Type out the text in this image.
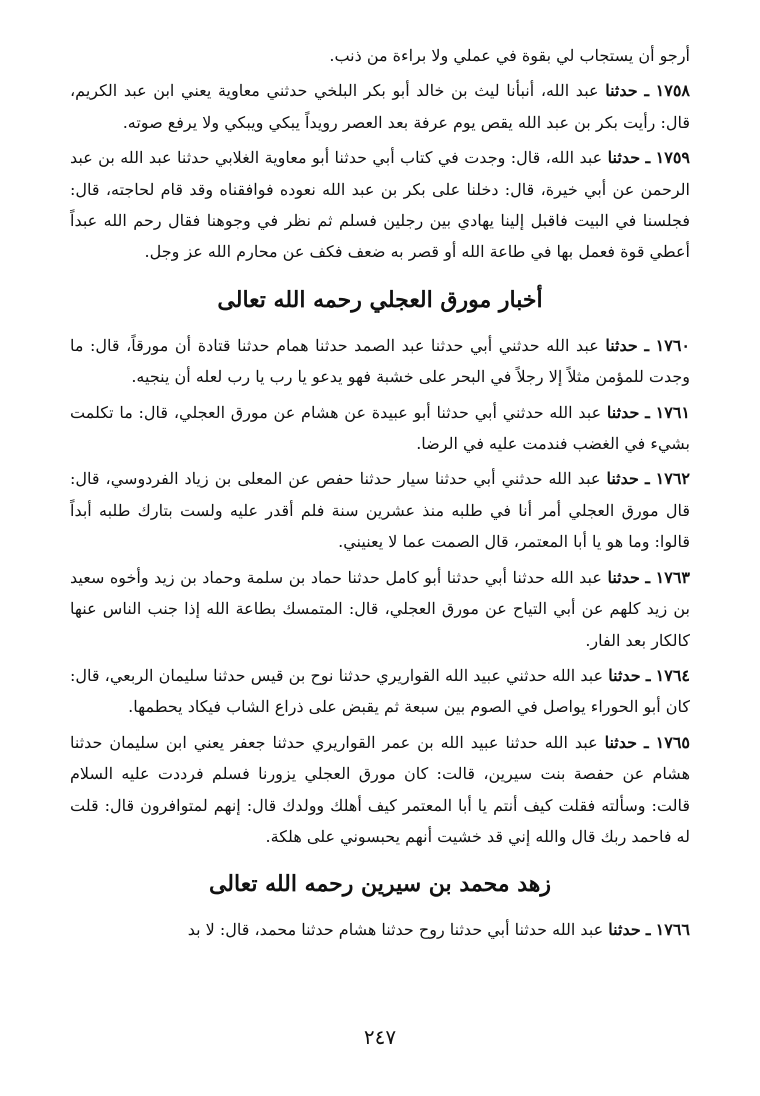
أرجو أن يستجاب لي بقوة في عملي ولا براءة من ذنب.

١٧٥٨ ـ حدثنا عبد الله، أنبأنا ليث بن خالد أبو بكر البلخي حدثني معاوية يعني ابن عبد الكريم، قال: رأيت بكر بن عبد الله يقص يوم عرفة بعد العصر رويداً يبكي ويبكي ولا يرفع صوته.

١٧٥٩ ـ حدثنا عبد الله، قال: وجدت في كتاب أبي حدثنا أبو معاوية الغلابي حدثنا عبد الله بن عبد الرحمن عن أبي خيرة، قال: دخلنا على بكر بن عبد الله نعوده فوافقناه وقد قام لحاجته، قال: فجلسنا في البيت فاقبل إلينا يهادي بين رجلين فسلم ثم نظر في وجوهنا فقال رحم الله عبداً أعطي قوة فعمل بها في طاعة الله أو قصر به ضعف فكف عن محارم الله عز وجل.

أخبار مورق العجلي رحمه الله تعالى

١٧٦٠ ـ حدثنا عبد الله حدثني أبي حدثنا عبد الصمد حدثنا همام حدثنا قتادة أن مورقاً، قال: ما وجدت للمؤمن مثلاً إلا رجلاً في البحر على خشبة فهو يدعو يا رب يا رب لعله أن ينجيه.

١٧٦١ ـ حدثنا عبد الله حدثني أبي حدثنا أبو عبيدة عن هشام عن مورق العجلي، قال: ما تكلمت بشيء في الغضب فندمت عليه في الرضا.

١٧٦٢ ـ حدثنا عبد الله حدثني أبي حدثنا سيار حدثنا حفص عن المعلى بن زياد الفردوسي، قال: قال مورق العجلي أمر أنا في طلبه منذ عشرين سنة فلم أقدر عليه ولست بتارك طلبه أبداً قالوا: وما هو يا أبا المعتمر، قال الصمت عما لا يعنيني.

١٧٦٣ ـ حدثنا عبد الله حدثنا أبي حدثنا أبو كامل حدثنا حماد بن سلمة وحماد بن زيد وأخوه سعيد بن زيد كلهم عن أبي التياح عن مورق العجلي، قال: المتمسك بطاعة الله إذا جنب الناس عنها كالكار بعد الفار.

١٧٦٤ ـ حدثنا عبد الله حدثني عبيد الله القواريري حدثنا نوح بن قيس حدثنا سليمان الربعي، قال: كان أبو الحوراء يواصل في الصوم بين سبعة ثم يقبض على ذراع الشاب فيكاد يحطمها.

١٧٦٥ ـ حدثنا عبد الله حدثنا عبيد الله بن عمر القواريري حدثنا جعفر يعني ابن سليمان حدثنا هشام عن حفصة بنت سيرين، قالت: كان مورق العجلي يزورنا فسلم فرددت عليه السلام قالت: وسألته فقلت كيف أنتم يا أبا المعتمر كيف أهلك وولدك قال: إنهم لمتوافرون قال: قلت له فاحمد ربك قال والله إني قد خشيت أنهم يحبسوني على هلكة.

زهد محمد بن سيرين رحمه الله تعالى

١٧٦٦ ـ حدثنا عبد الله حدثنا أبي حدثنا روح حدثنا هشام حدثنا محمد، قال: لا بد

٢٤٧
